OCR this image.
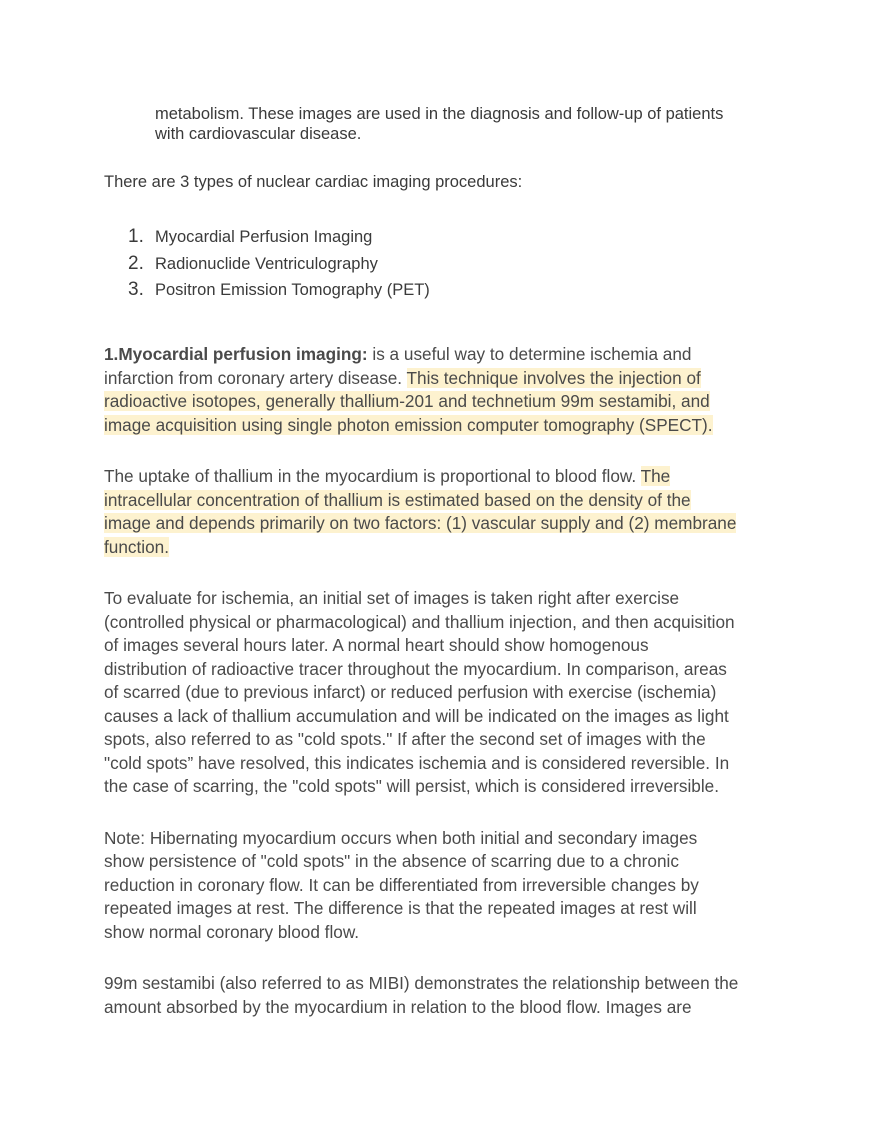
metabolism. These images are used in the diagnosis and follow-up of patients
with cardiovascular disease.
There are 3 types of nuclear cardiac imaging procedures:
1. Myocardial Perfusion Imaging
2. Radionuclide Ventriculography
3. Positron Emission Tomography (PET)
1.Myocardial perfusion imaging: is a useful way to determine ischemia and
infarction from coronary artery disease. This technique involves the injection of
radioactive isotopes, generally thallium-201 and technetium 99m sestamibi, and
image acquisition using single photon emission computer tomography (SPECT).
The uptake of thallium in the myocardium is proportional to blood flow. The
intracellular concentration of thallium is estimated based on the density of the
image and depends primarily on two factors: (1) vascular supply and (2) membrane
function.
To evaluate for ischemia, an initial set of images is taken right after exercise
(controlled physical or pharmacological) and thallium injection, and then acquisition
of images several hours later. A normal heart should show homogenous
distribution of radioactive tracer throughout the myocardium. In comparison, areas
of scarred (due to previous infarct) or reduced perfusion with exercise (ischemia)
causes a lack of thallium accumulation and will be indicated on the images as light
spots, also referred to as "cold spots." If after the second set of images with the
"cold spots” have resolved, this indicates ischemia and is considered reversible. In
the case of scarring, the "cold spots" will persist, which is considered irreversible.
Note: Hibernating myocardium occurs when both initial and secondary images
show persistence of "cold spots" in the absence of scarring due to a chronic
reduction in coronary flow. It can be differentiated from irreversible changes by
repeated images at rest. The difference is that the repeated images at rest will
show normal coronary blood flow.
99m sestamibi (also referred to as MIBI) demonstrates the relationship between the
amount absorbed by the myocardium in relation to the blood flow. Images are
